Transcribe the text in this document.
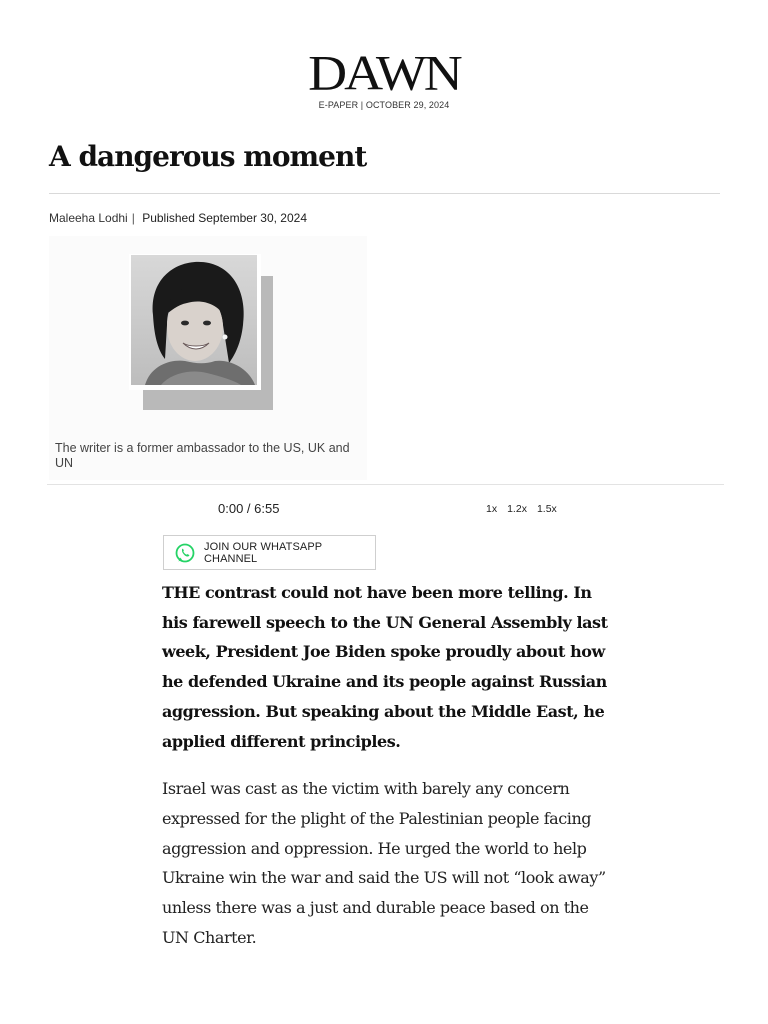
DAWN
E-PAPER | OCTOBER 29, 2024
A dangerous moment
Maleeha Lodhi | Published September 30, 2024
The writer is a former ambassador to the US, UK and UN
0:00 / 6:55	1x 1.2x 1.5x
JOIN OUR WHATSAPP CHANNEL

THE contrast could not have been more telling. In his farewell speech to the UN General Assembly last week, President Joe Biden spoke proudly about how he defended Ukraine and its people against Russian aggression. But speaking about the Middle East, he applied different principles.

Israel was cast as the victim with barely any concern expressed for the plight of the Palestinian people facing aggression and oppression. He urged the world to help Ukraine win the war and said the US will not “look away” unless there was a just and durable peace based on the UN Charter.
